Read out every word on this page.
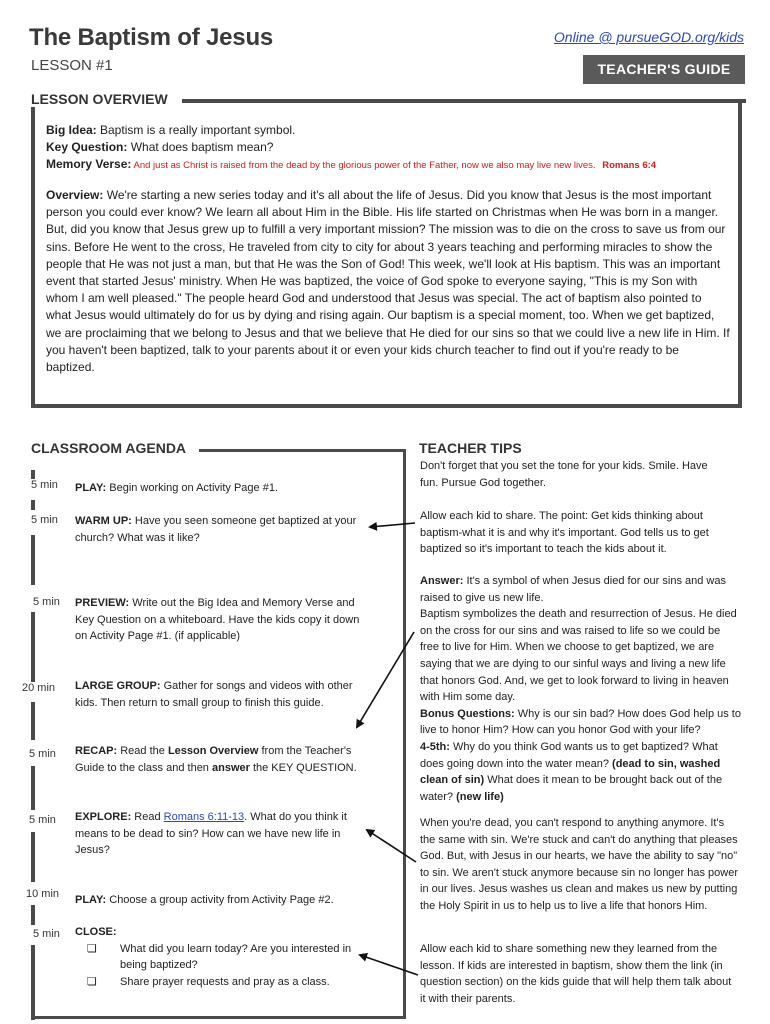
The Baptism of Jesus
LESSON #1
Online @ pursueGOD.org/kids
TEACHER'S GUIDE
LESSON OVERVIEW
Big Idea: Baptism is a really important symbol.
Key Question: What does baptism mean?
Memory Verse: And just as Christ is raised from the dead by the glorious power of the Father, now we also may live new lives. Romans 6:4
Overview: We're starting a new series today and it's all about the life of Jesus. Did you know that Jesus is the most important person you could ever know? We learn all about Him in the Bible. His life started on Christmas when He was born in a manger. But, did you know that Jesus grew up to fulfill a very important mission? The mission was to die on the cross to save us from our sins. Before He went to the cross, He traveled from city to city for about 3 years teaching and performing miracles to show the people that He was not just a man, but that He was the Son of God! This week, we'll look at His baptism. This was an important event that started Jesus' ministry. When He was baptized, the voice of God spoke to everyone saying, "This is my Son with whom I am well pleased." The people heard God and understood that Jesus was special. The act of baptism also pointed to what Jesus would ultimately do for us by dying and rising again. Our baptism is a special moment, too. When we get baptized, we are proclaiming that we belong to Jesus and that we believe that He died for our sins so that we could live a new life in Him. If you haven't been baptized, talk to your parents about it or even your kids church teacher to find out if you're ready to be baptized.
CLASSROOM AGENDA
5 min PLAY: Begin working on Activity Page #1.
5 min WARM UP: Have you seen someone get baptized at your church? What was it like?
5 min PREVIEW: Write out the Big Idea and Memory Verse and Key Question on a whiteboard. Have the kids copy it down on Activity Page #1. (if applicable)
20 min LARGE GROUP: Gather for songs and videos with other kids. Then return to small group to finish this guide.
5 min RECAP: Read the Lesson Overview from the Teacher's Guide to the class and then answer the KEY QUESTION.
5 min EXPLORE: Read Romans 6:11-13. What do you think it means to be dead to sin? How can we have new life in Jesus?
10 min PLAY: Choose a group activity from Activity Page #2.
5 min CLOSE:
❏ What did you learn today? Are you interested in being baptized?
❏ Share prayer requests and pray as a class.
TEACHER TIPS
Don't forget that you set the tone for your kids. Smile. Have fun. Pursue God together.
Allow each kid to share. The point: Get kids thinking about baptism-what it is and why it's important. God tells us to get baptized so it's important to teach the kids about it.
Answer: It's a symbol of when Jesus died for our sins and was raised to give us new life.
Baptism symbolizes the death and resurrection of Jesus. He died on the cross for our sins and was raised to life so we could be free to live for Him. When we choose to get baptized, we are saying that we are dying to our sinful ways and living a new life that honors God. And, we get to look forward to living in heaven with Him some day.
Bonus Questions: Why is our sin bad? How does God help us to live to honor Him? How can you honor God with your life?
4-5th: Why do you think God wants us to get baptized? What does going down into the water mean? (dead to sin, washed clean of sin) What does it mean to be brought back out of the water? (new life)
When you're dead, you can't respond to anything anymore. It's the same with sin. We're stuck and can't do anything that pleases God. But, with Jesus in our hearts, we have the ability to say "no" to sin. We aren't stuck anymore because sin no longer has power in our lives. Jesus washes us clean and makes us new by putting the Holy Spirit in us to help us to live a life that honors Him.
Allow each kid to share something new they learned from the lesson. If kids are interested in baptism, show them the link (in question section) on the kids guide that will help them talk about it with their parents.
